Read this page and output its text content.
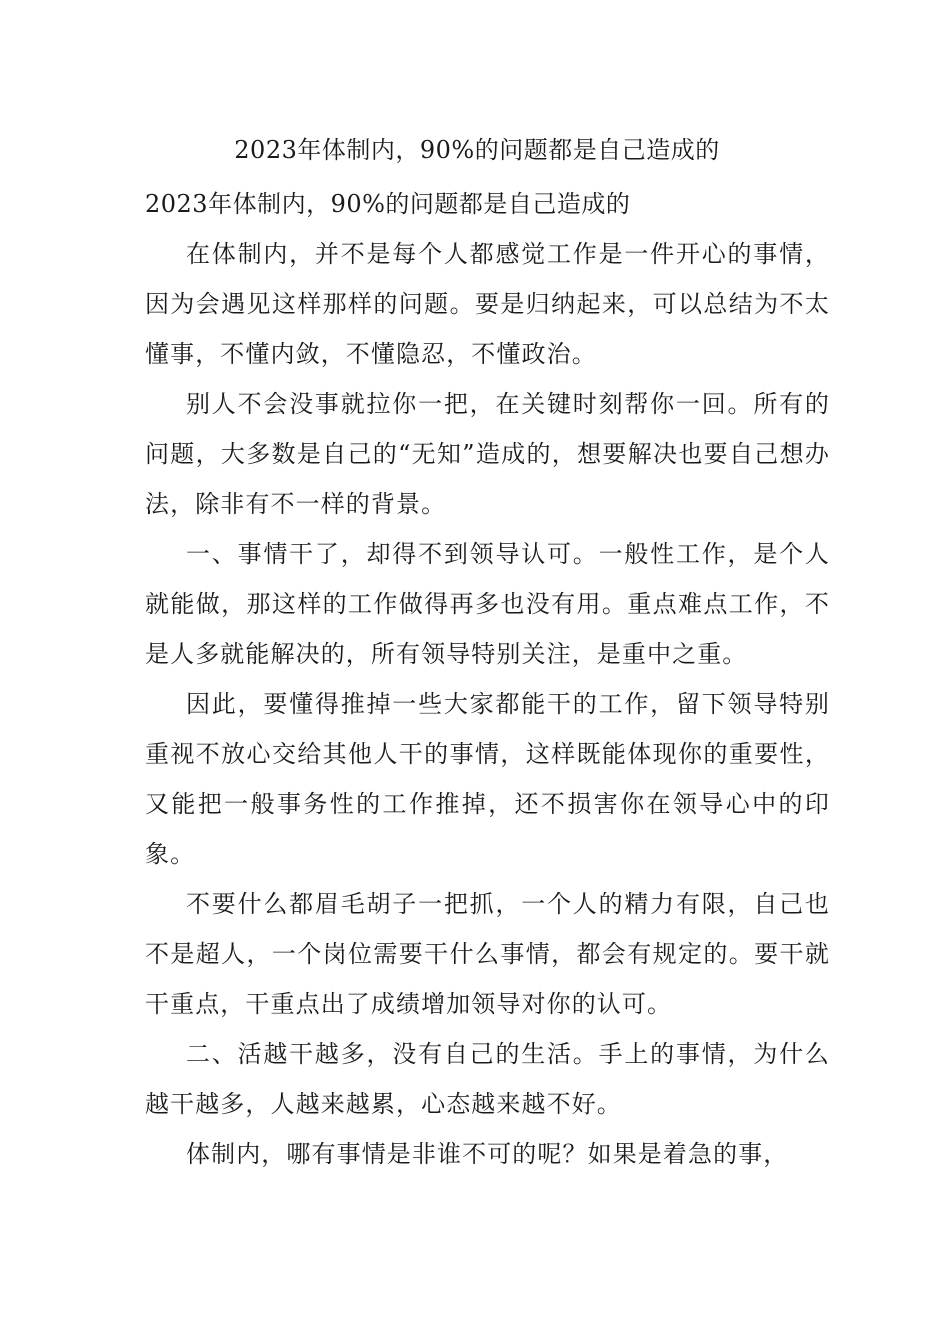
2023年体制内，90%的问题都是自己造成的

2023年体制内，90%的问题都是自己造成的

在体制内，并不是每个人都感觉工作是一件开心的事情，因为会遇见这样那样的问题。要是归纳起来，可以总结为不太懂事，不懂内敛，不懂隐忍，不懂政治。

别人不会没事就拉你一把，在关键时刻帮你一回。所有的问题，大多数是自己的“无知”造成的，想要解决也要自己想办法，除非有不一样的背景。

一、事情干了，却得不到领导认可。一般性工作，是个人就能做，那这样的工作做得再多也没有用。重点难点工作，不是人多就能解决的，所有领导特别关注，是重中之重。

因此，要懂得推掉一些大家都能干的工作，留下领导特别重视不放心交给其他人干的事情，这样既能体现你的重要性，又能把一般事务性的工作推掉，还不损害你在领导心中的印象。

不要什么都眉毛胡子一把抓，一个人的精力有限，自己也不是超人，一个岗位需要干什么事情，都会有规定的。要干就干重点，干重点出了成绩增加领导对你的认可。

二、活越干越多，没有自己的生活。手上的事情，为什么越干越多，人越来越累，心态越来越不好。

体制内，哪有事情是非谁不可的呢？如果是着急的事，
